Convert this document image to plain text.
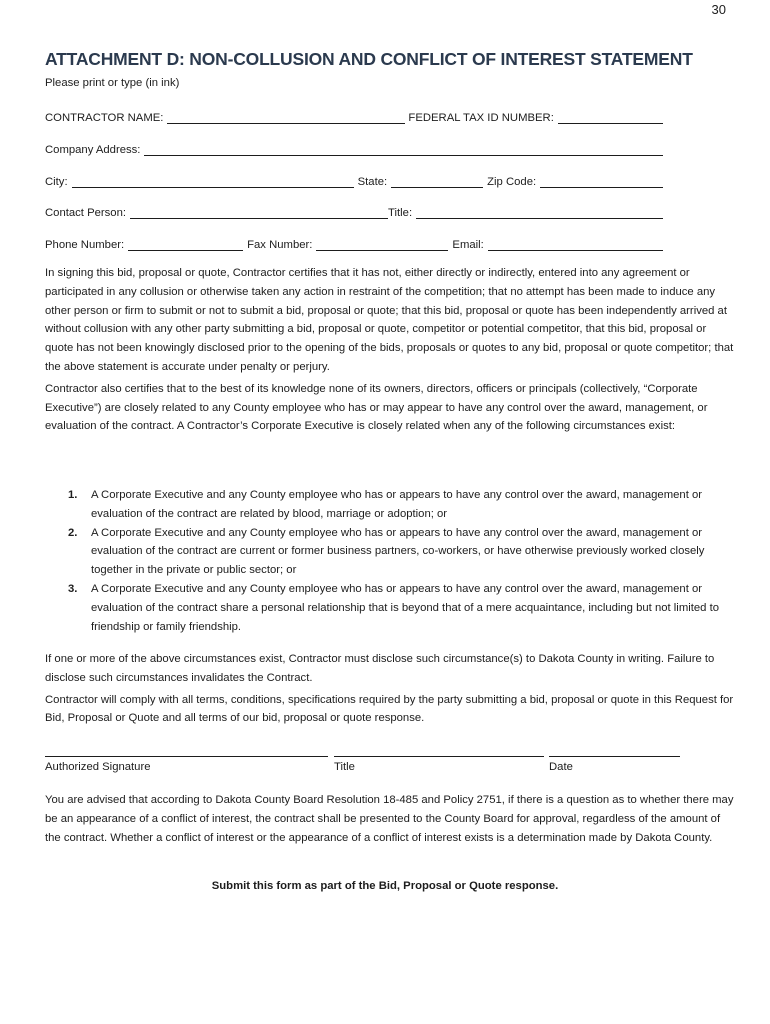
30
ATTACHMENT D: NON-COLLUSION AND CONFLICT OF INTEREST STATEMENT
Please print or type (in ink)
CONTRACTOR NAME:	FEDERAL TAX ID NUMBER:
Company Address:
City:	State:	Zip Code:
Contact Person:	Title:
Phone Number:	Fax Number:	Email:

In signing this bid, proposal or quote, Contractor certifies that it has not, either directly or indirectly, entered into any agreement or participated in any collusion or otherwise taken any action in restraint of the competition; that no attempt has been made to induce any other person or firm to submit or not to submit a bid, proposal or quote; that this bid, proposal or quote has been independently arrived at without collusion with any other party submitting a bid, proposal or quote, competitor or potential competitor, that this bid, proposal or quote has not been knowingly disclosed prior to the opening of the bids, proposals or quotes to any bid, proposal or quote competitor; that the above statement is accurate under penalty or perjury.

Contractor also certifies that to the best of its knowledge none of its owners, directors, officers or principals (collectively, “Corporate Executive”) are closely related to any County employee who has or may appear to have any control over the award, management, or evaluation of the contract. A Contractor’s Corporate Executive is closely related when any of the following circumstances exist:

1. A Corporate Executive and any County employee who has or appears to have any control over the award, management or evaluation of the contract are related by blood, marriage or adoption; or
2. A Corporate Executive and any County employee who has or appears to have any control over the award, management or evaluation of the contract are current or former business partners, co-workers, or have otherwise previously worked closely together in the private or public sector; or
3. A Corporate Executive and any County employee who has or appears to have any control over the award, management or evaluation of the contract share a personal relationship that is beyond that of a mere acquaintance, including but not limited to friendship or family friendship.

If one or more of the above circumstances exist, Contractor must disclose such circumstance(s) to Dakota County in writing. Failure to disclose such circumstances invalidates the Contract.

Contractor will comply with all terms, conditions, specifications required by the party submitting a bid, proposal or quote in this Request for Bid, Proposal or Quote and all terms of our bid, proposal or quote response.

Authorized Signature	Title	Date

You are advised that according to Dakota County Board Resolution 18-485 and Policy 2751, if there is a question as to whether there may be an appearance of a conflict of interest, the contract shall be presented to the County Board for approval, regardless of the amount of the contract. Whether a conflict of interest or the appearance of a conflict of interest exists is a determination made by Dakota County.

Submit this form as part of the Bid, Proposal or Quote response.
